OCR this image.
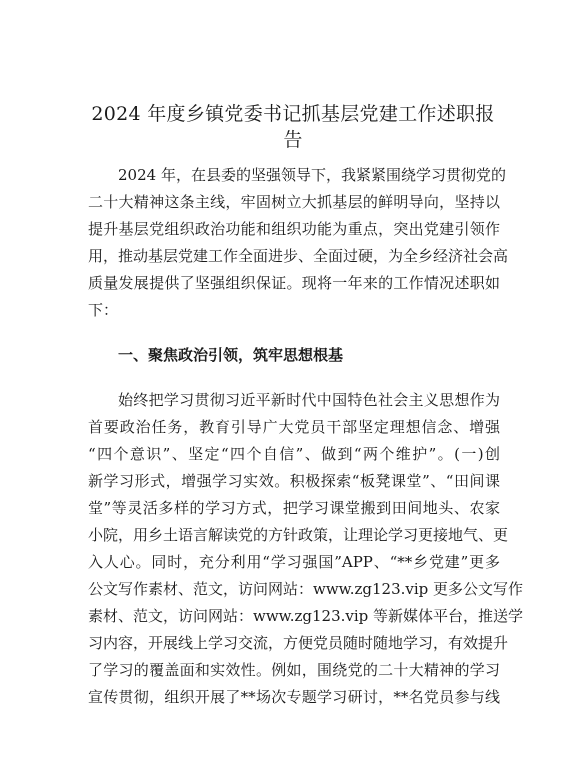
2024 年度乡镇党委书记抓基层党建工作述职报
告
2024 年，在县委的坚强领导下，我紧紧围绕学习贯彻党的
二十大精神这条主线，牢固树立大抓基层的鲜明导向，坚持以
提升基层党组织政治功能和组织功能为重点，突出党建引领作
用，推动基层党建工作全面进步、全面过硬，为全乡经济社会高
质量发展提供了坚强组织保证。现将一年来的工作情况述职如
下：
一、聚焦政治引领，筑牢思想根基
始终把学习贯彻习近平新时代中国特色社会主义思想作为
首要政治任务，教育引导广大党员干部坚定理想信念、增强
“四个意识”、坚定“四个自信”、做到“两个维护”。(一)创
新学习形式，增强学习实效。积极探索“板凳课堂”、“田间课
堂”等灵活多样的学习方式，把学习课堂搬到田间地头、农家
小院，用乡土语言解读党的方针政策，让理论学习更接地气、更
入人心。同时，充分利用“学习强国”APP、“**乡党建”更多
公文写作素材、范文，访问网站：www.zg123.vip 更多公文写作
素材、范文，访问网站：www.zg123.vip 等新媒体平台，推送学
习内容，开展线上学习交流，方便党员随时随地学习，有效提升
了学习的覆盖面和实效性。例如，围绕党的二十大精神的学习
宣传贯彻，组织开展了**场次专题学习研讨，**名党员参与线
